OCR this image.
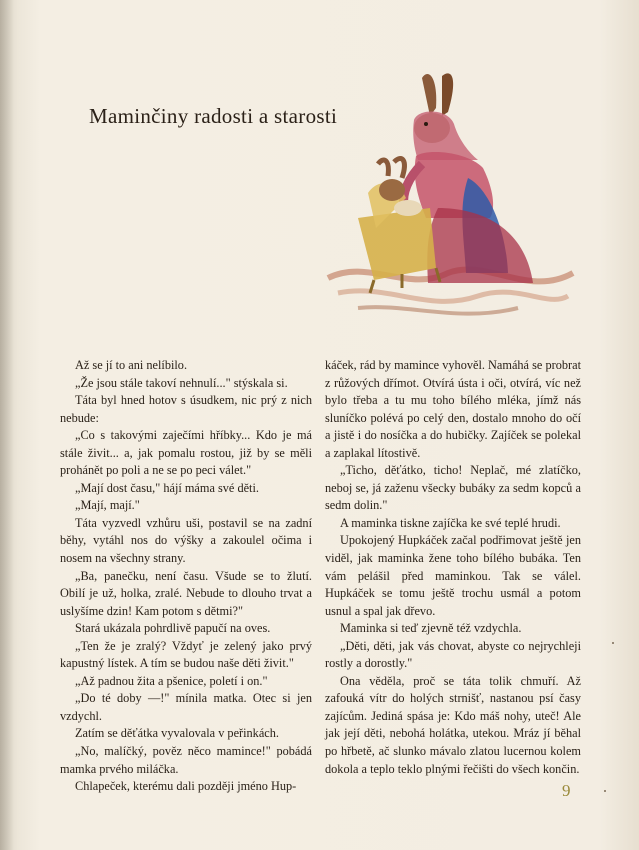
Maminčiny radosti a starosti

Až se jí to ani nelíbilo.

„Že jsou stále takoví nehnulí..." stýskala si.

Táta byl hned hotov s úsudkem, nic prý z nich nebude:

„Co s takovými zaječími hříbky... Kdo je má stále živit... a, jak pomalu rostou, již by se měli prohánět po poli a ne se po peci válet."

„Mají dost času," hájí máma své děti.

„Mají, mají."

Táta vyzvedl vzhůru uši, postavil se na zadní běhy, vytáhl nos do výšky a zakoulel očima i nosem na všechny strany.

„Ba, panečku, není času. Všude se to žlutí. Obilí je už, holka, zralé. Nebude to dlouho trvat a uslyšíme dzin! Kam potom s dětmi?"

Stará ukázala pohrdlivě papučí na oves.

„Ten že je zralý? Vždyť je zelený jako prvý kapustný lístek. A tím se budou naše děti živit."

„Až padnou žita a pšenice, poletí i on."

„Do té doby —!" mínila matka. Otec si jen vzdychl.

Zatím se děťátka vyvalovala v peřinkách.

„No, malíčký, pověz něco mamince!" pobádá mamka prvého miláčka.

Chlapeček, kterému dali později jméno Hup-

káček, rád by mamince vyhověl. Namáhá se probrat z růžových dřímot. Otvírá ústa i oči, otvírá, víc než bylo třeba a tu mu toho bílého mléka, jímž nás sluníčko polévá po celý den, dostalo mnoho do očí a jistě i do nosíčka a do hubičky. Zajíček se polekal a zaplakal lítostivě.

„Ticho, děťátko, ticho! Neplač, mé zlatíčko, neboj se, já zaženu všecky bubáky za sedm kopců a sedm dolin."

A maminka tiskne zajíčka ke své teplé hrudi.

Upokojený Hupkáček začal podřimovat ještě jen viděl, jak maminka žene toho bílého bubáka. Ten vám pelášil před maminkou. Tak se válel. Hupkáček se tomu ještě trochu usmál a potom usnul a spal jak dřevo.

Maminka si teď zjevně též vzdychla.

„Děti, děti, jak vás chovat, abyste co nejrychleji rostly a dorostly."

Ona věděla, proč se táta tolik chmuří. Až zafouká vítr do holých strnišť, nastanou psí časy zajícům. Jediná spása je: Kdo máš nohy, uteč! Ale jak její děti, nebohá holátka, utekou. Mráz jí běhal po hřbetě, ač slunko mávalo zlatou lucernou kolem dokola a teplo teklo plnými řečišti do všech končin.

9
